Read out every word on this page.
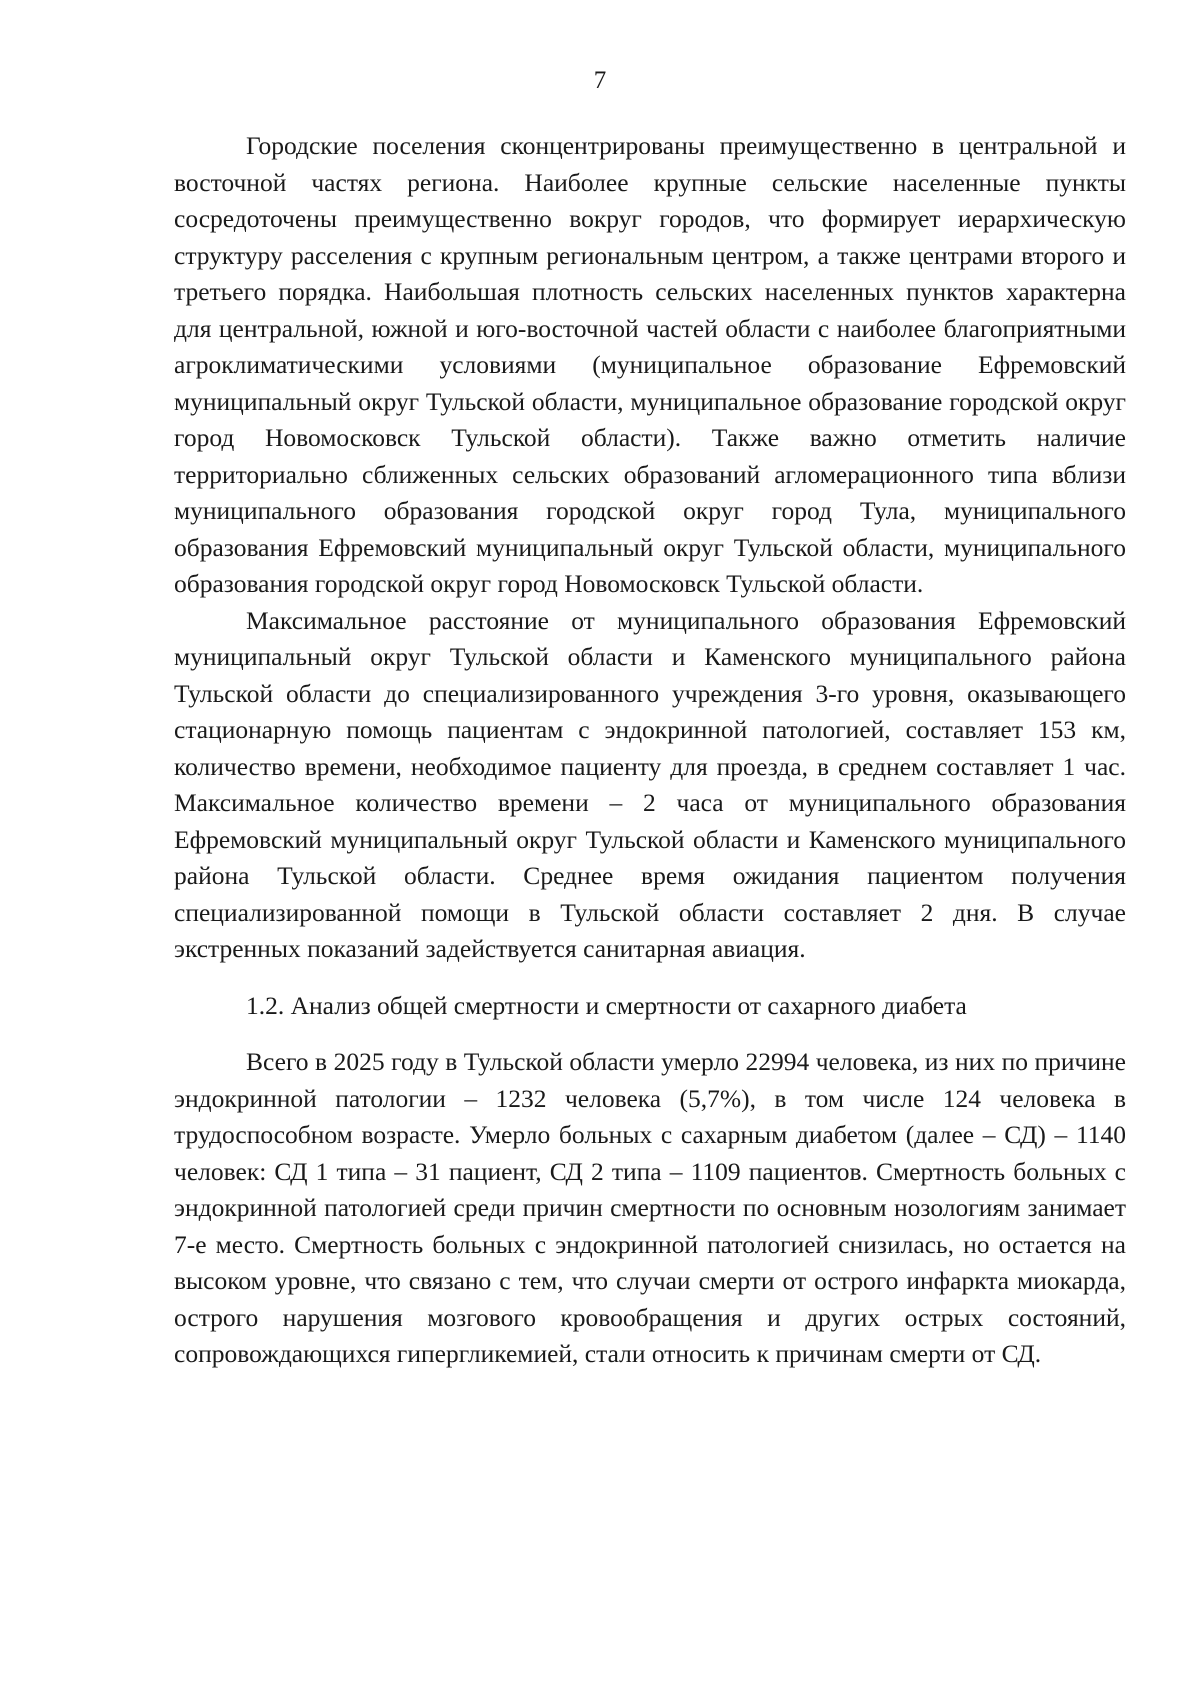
7

Городские поселения сконцентрированы преимущественно в центральной и восточной частях региона. Наиболее крупные сельские населенные пункты сосредоточены преимущественно вокруг городов, что формирует иерархическую структуру расселения с крупным региональным центром, а также центрами второго и третьего порядка. Наибольшая плотность сельских населенных пунктов характерна для центральной, южной и юго-восточной частей области с наиболее благоприятными агроклиматическими условиями (муниципальное образование Ефремовский муниципальный округ Тульской области, муниципальное образование городской округ город Новомосковск Тульской области). Также важно отметить наличие территориально сближенных сельских образований агломерационного типа вблизи муниципального образования городской округ город Тула, муниципального образования Ефремовский муниципальный округ Тульской области, муниципального образования городской округ город Новомосковск Тульской области.

Максимальное расстояние от муниципального образования Ефремовский муниципальный округ Тульской области и Каменского муниципального района Тульской области до специализированного учреждения 3-го уровня, оказывающего стационарную помощь пациентам с эндокринной патологией, составляет 153 км, количество времени, необходимое пациенту для проезда, в среднем составляет 1 час. Максимальное количество времени – 2 часа от муниципального образования Ефремовский муниципальный округ Тульской области и Каменского муниципального района Тульской области. Среднее время ожидания пациентом получения специализированной помощи в Тульской области составляет 2 дня. В случае экстренных показаний задействуется санитарная авиация.

1.2. Анализ общей смертности и смертности от сахарного диабета

Всего в 2025 году в Тульской области умерло 22994 человека, из них по причине эндокринной патологии – 1232 человека (5,7%), в том числе 124 человека в трудоспособном возрасте. Умерло больных с сахарным диабетом (далее – СД) – 1140 человек: СД 1 типа – 31 пациент, СД 2 типа – 1109 пациентов. Смертность больных с эндокринной патологией среди причин смертности по основным нозологиям занимает 7-е место. Смертность больных с эндокринной патологией снизилась, но остается на высоком уровне, что связано с тем, что случаи смерти от острого инфаркта миокарда, острого нарушения мозгового кровообращения и других острых состояний, сопровождающихся гипергликемией, стали относить к причинам смерти от СД.
